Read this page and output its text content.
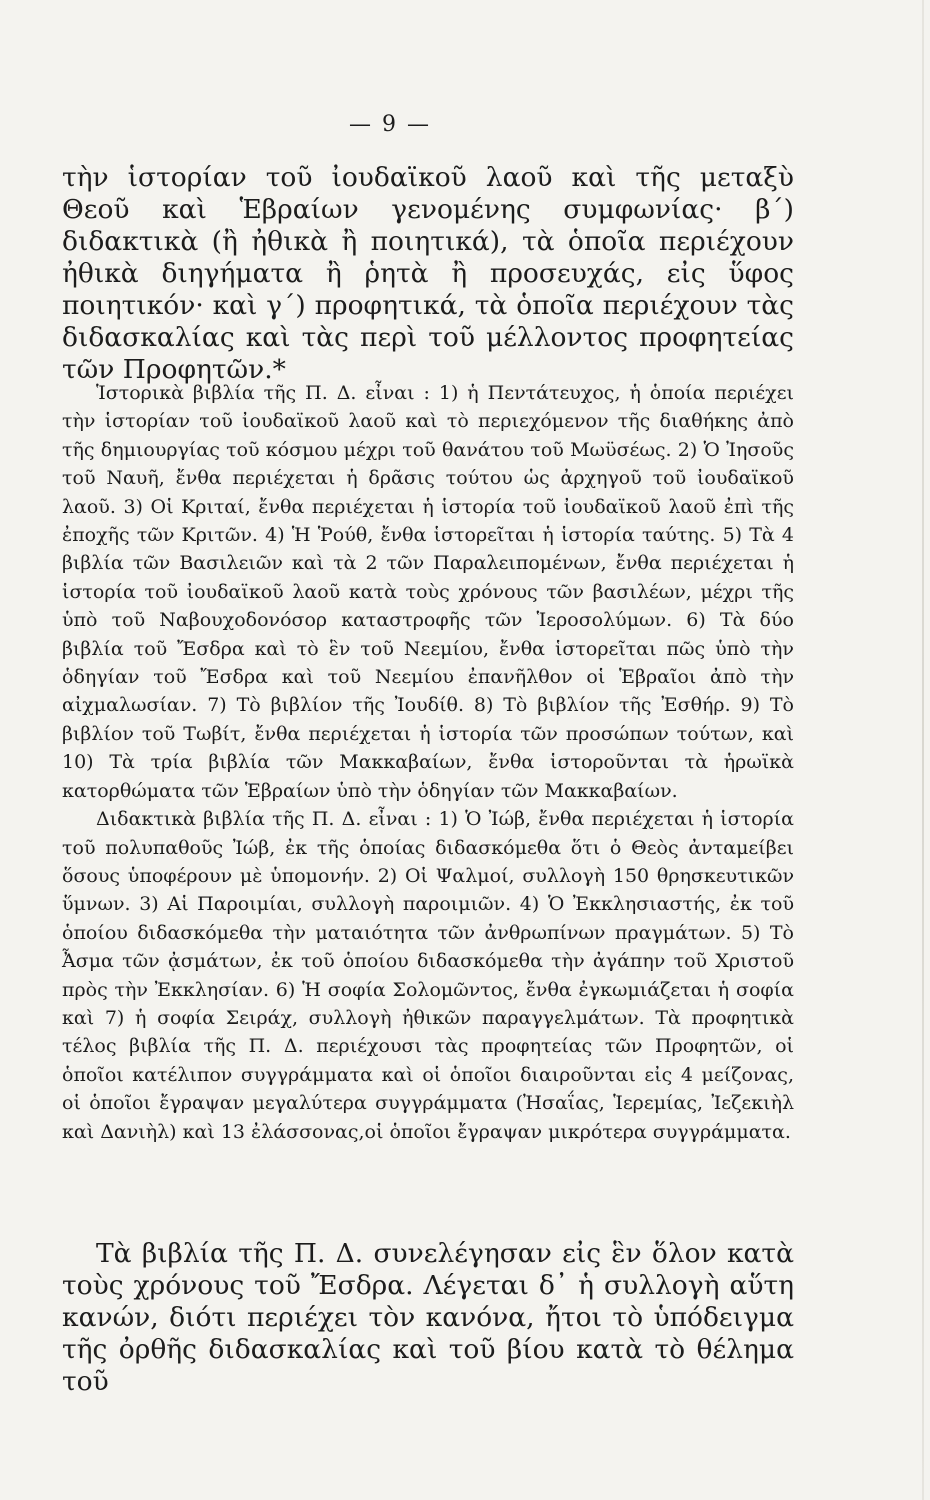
— 9 —

τὴν ἱστορίαν τοῦ ἰουδαϊκοῦ λαοῦ καὶ τῆς μεταξὺ Θεοῦ καὶ Ἑβραίων γενομένης συμφωνίας· β΄) διδακτικὰ (ἢ ἠθικὰ ἢ ποιητικά), τὰ ὁποῖα περιέχουν ἠθικὰ διηγήματα ἢ ῥητὰ ἢ προσευχάς, εἰς ὕφος ποιητικόν· καὶ γ΄) προφητικά, τὰ ὁποῖα περιέχουν τὰς διδασκαλίας καὶ τὰς περὶ τοῦ μέλλοντος προφητείας τῶν Προφητῶν.*

Ἱστορικὰ βιβλία τῆς Π. Δ. εἶναι : 1) ἡ Πεντάτευχος, ἡ ὁποία περιέχει τὴν ἱστορίαν τοῦ ἰουδαϊκοῦ λαοῦ καὶ τὸ περιεχόμενον τῆς διαθήκης ἀπὸ τῆς δημιουργίας τοῦ κόσμου μέχρι τοῦ θανάτου τοῦ Μωϋσέως. 2) Ὁ Ἰησοῦς τοῦ Ναυῆ, ἔνθα περιέχεται ἡ δρᾶσις τούτου ὡς ἀρχηγοῦ τοῦ ἰουδαϊκοῦ λαοῦ. 3) Οἱ Κριταί, ἔνθα περιέχεται ἡ ἱστορία τοῦ ἰουδαϊκοῦ λαοῦ ἐπὶ τῆς ἐποχῆς τῶν Κριτῶν. 4) Ἡ Ῥούθ, ἔνθα ἱστορεῖται ἡ ἱστορία ταύτης. 5) Τὰ 4 βιβλία τῶν Βασιλειῶν καὶ τὰ 2 τῶν Παραλειπομένων, ἔνθα περιέχεται ἡ ἱστορία τοῦ ἰουδαϊκοῦ λαοῦ κατὰ τοὺς χρόνους τῶν βασιλέων, μέχρι τῆς ὑπὸ τοῦ Ναβουχοδονόσορ καταστροφῆς τῶν Ἱεροσολύμων. 6) Τὰ δύο βιβλία τοῦ Ἔσδρα καὶ τὸ ἓν τοῦ Νεεμίου, ἔνθα ἱστορεῖται πῶς ὑπὸ τὴν ὁδηγίαν τοῦ Ἔσδρα καὶ τοῦ Νεεμίου ἐπανῆλθον οἱ Ἑβραῖοι ἀπὸ τὴν αἰχμαλωσίαν. 7) Τὸ βιβλίον τῆς Ἰουδίθ. 8) Τὸ βιβλίον τῆς Ἐσθήρ. 9) Τὸ βιβλίον τοῦ Τωβίτ, ἔνθα περιέχεται ἡ ἱστορία τῶν προσώπων τούτων, καὶ 10) Τὰ τρία βιβλία τῶν Μακκαβαίων, ἔνθα ἱστοροῦνται τὰ ἡρωϊκὰ κατορθώματα τῶν Ἑβραίων ὑπὸ τὴν ὁδηγίαν τῶν Μακκαβαίων.

Διδακτικὰ βιβλία τῆς Π. Δ. εἶναι : 1) Ὁ Ἰώβ, ἔνθα περιέχεται ἡ ἱστορία τοῦ πολυπαθοῦς Ἰώβ, ἐκ τῆς ὁποίας διδασκόμεθα ὅτι ὁ Θεὸς ἀνταμείβει ὅσους ὑποφέρουν μὲ ὑπομονήν. 2) Οἱ Ψαλμοί, συλλογὴ 150 θρησκευτικῶν ὕμνων. 3) Αἱ Παροιμίαι, συλλογὴ παροιμιῶν. 4) Ὁ Ἐκκλησιαστής, ἐκ τοῦ ὁποίου διδασκόμεθα τὴν ματαιότητα τῶν ἀνθρωπίνων πραγμάτων. 5) Τὸ Ἆσμα τῶν ᾀσμάτων, ἐκ τοῦ ὁποίου διδασκόμεθα τὴν ἀγάπην τοῦ Χριστοῦ πρὸς τὴν Ἐκκλησίαν. 6) Ἡ σοφία Σολομῶντος, ἔνθα ἐγκωμιάζεται ἡ σοφία καὶ 7) ἡ σοφία Σειράχ, συλλογὴ ἠθικῶν παραγγελμάτων. Τὰ προφητικὰ τέλος βιβλία τῆς Π. Δ. περιέχουσι τὰς προφητείας τῶν Προφητῶν, οἱ ὁποῖοι κατέλιπον συγγράμματα καὶ οἱ ὁποῖοι διαιροῦνται εἰς 4 μείζονας, οἱ ὁποῖοι ἔγραψαν μεγαλύτερα συγγράμματα (Ἠσαΐας, Ἱερεμίας, Ἰεζεκιὴλ καὶ Δανιὴλ) καὶ 13 ἐλάσσονας,οἱ ὁποῖοι ἔγραψαν μικρότερα συγγράμματα.

Τὰ βιβλία τῆς Π. Δ. συνελέγησαν εἰς ἓν ὅλον κατὰ τοὺς χρόνους τοῦ Ἔσδρα. Λέγεται δ᾽ ἡ συλλογὴ αὕτη κανών, διότι περιέχει τὸν κανόνα, ἤτοι τὸ ὑπόδειγμα τῆς ὀρθῆς διδασκαλίας καὶ τοῦ βίου κατὰ τὸ θέλημα τοῦ
